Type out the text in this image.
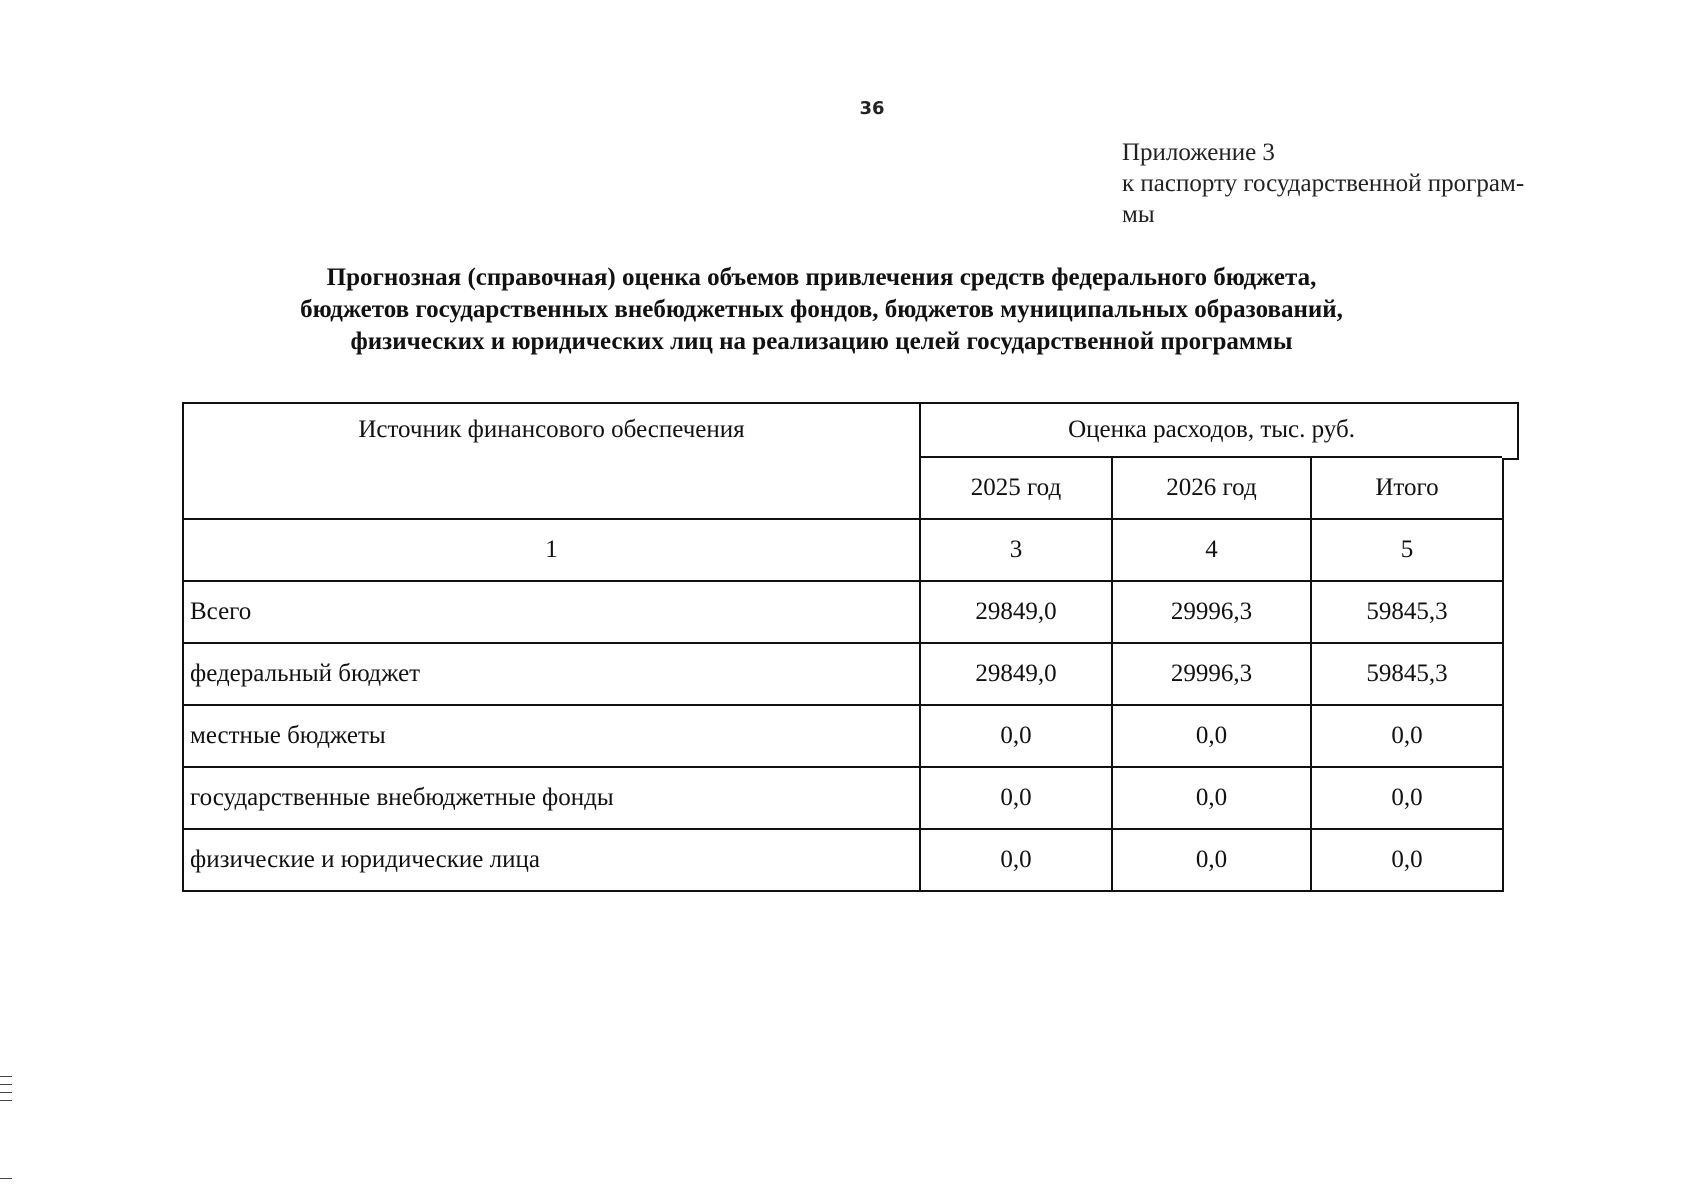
36
Приложение 3
к паспорту государственной програм-
мы
Прогнозная (справочная) оценка объемов привлечения средств федерального бюджета,
бюджетов государственных внебюджетных фондов, бюджетов муниципальных образований,
физических и юридических лиц на реализацию целей государственной программы
Источник финансового обеспечения	Оценка расходов, тыс. руб.		
	2025 год	2026 год	Итого
1	3	4	5
Всего	29849,0	29996,3	59845,3
федеральный бюджет	29849,0	29996,3	59845,3
местные бюджеты	0,0	0,0	0,0
государственные внебюджетные фонды	0,0	0,0	0,0
физические и юридические лица	0,0	0,0	0,0
